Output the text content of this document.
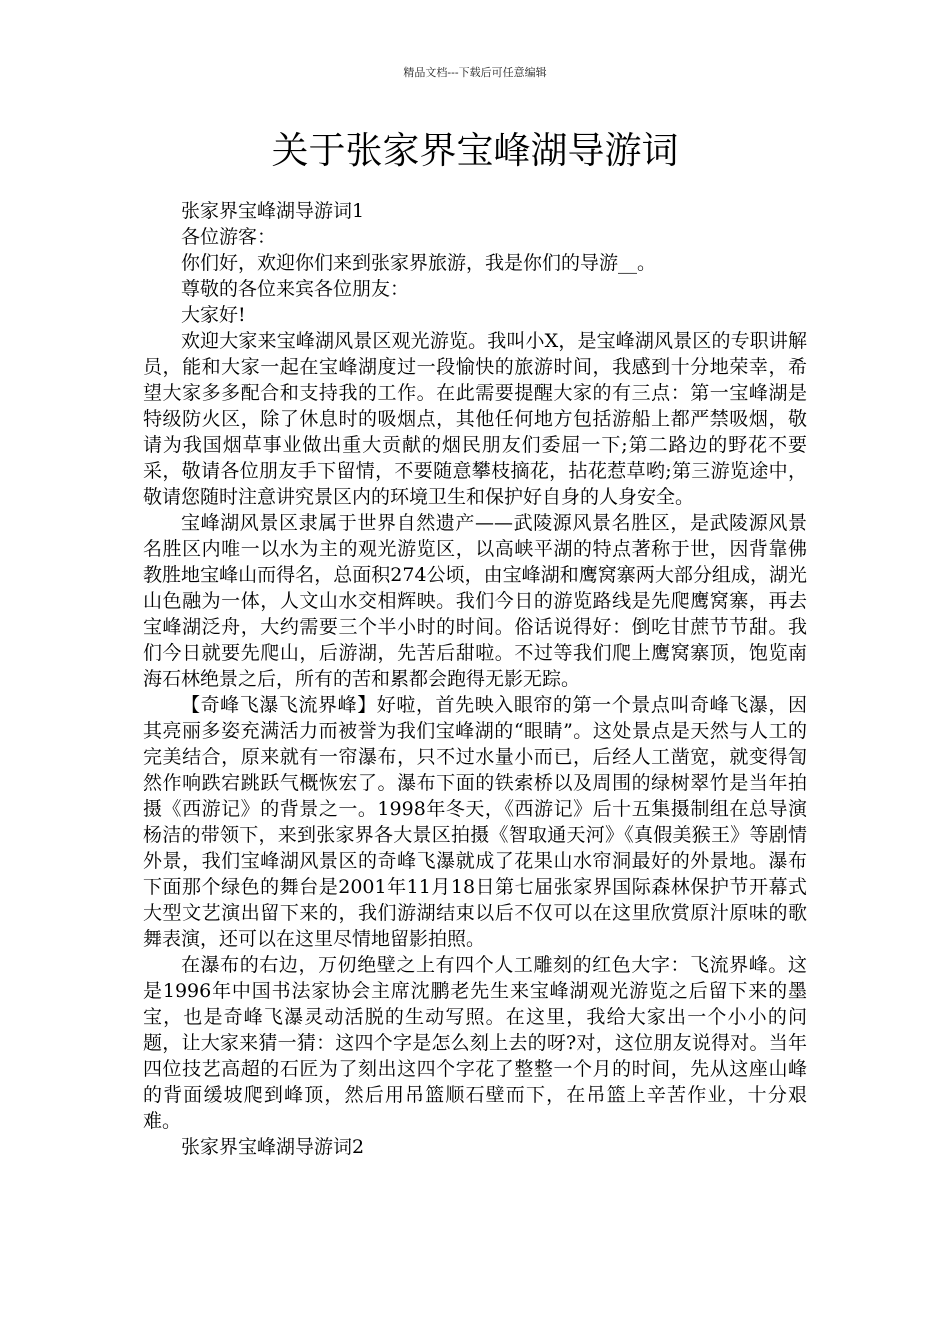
精品文档---下载后可任意编辑
关于张家界宝峰湖导游词

张家界宝峰湖导游词1

各位游客：

你们好，欢迎你们来到张家界旅游，我是你们的导游__。

尊敬的各位来宾各位朋友：

大家好!

欢迎大家来宝峰湖风景区观光游览。我叫小X，是宝峰湖风景区的专职讲解员，能和大家一起在宝峰湖度过一段愉快的旅游时间，我感到十分地荣幸，希望大家多多配合和支持我的工作。在此需要提醒大家的有三点：第一宝峰湖是特级防火区，除了休息时的吸烟点，其他任何地方包括游船上都严禁吸烟，敬请为我国烟草事业做出重大贡献的烟民朋友们委屈一下;第二路边的野花不要采，敬请各位朋友手下留情，不要随意攀枝摘花，拈花惹草哟;第三游览途中，敬请您随时注意讲究景区内的环境卫生和保护好自身的人身安全。

宝峰湖风景区隶属于世界自然遗产——武陵源风景名胜区，是武陵源风景名胜区内唯一以水为主的观光游览区，以高峡平湖的特点著称于世，因背靠佛教胜地宝峰山而得名，总面积274公顷，由宝峰湖和鹰窝寨两大部分组成，湖光山色融为一体，人文山水交相辉映。我们今日的游览路线是先爬鹰窝寨，再去宝峰湖泛舟，大约需要三个半小时的时间。俗话说得好：倒吃甘蔗节节甜。我们今日就要先爬山，后游湖，先苦后甜啦。不过等我们爬上鹰窝寨顶，饱览南海石林绝景之后，所有的苦和累都会跑得无影无踪。

【奇峰飞瀑飞流界峰】好啦，首先映入眼帘的第一个景点叫奇峰飞瀑，因其亮丽多姿充满活力而被誉为我们宝峰湖的“眼睛”。这处景点是天然与人工的完美结合，原来就有一帘瀑布，只不过水量小而已，后经人工凿宽，就变得訇然作响跌宕跳跃气概恢宏了。瀑布下面的铁索桥以及周围的绿树翠竹是当年拍摄《西游记》的背景之一。1998年冬天，《西游记》后十五集摄制组在总导演杨洁的带领下，来到张家界各大景区拍摄《智取通天河》《真假美猴王》等剧情外景，我们宝峰湖风景区的奇峰飞瀑就成了花果山水帘洞最好的外景地。瀑布下面那个绿色的舞台是2001年11月18日第七届张家界国际森林保护节开幕式大型文艺演出留下来的，我们游湖结束以后不仅可以在这里欣赏原汁原味的歌舞表演，还可以在这里尽情地留影拍照。

在瀑布的右边，万仞绝壁之上有四个人工雕刻的红色大字：飞流界峰。这是1996年中国书法家协会主席沈鹏老先生来宝峰湖观光游览之后留下来的墨宝，也是奇峰飞瀑灵动活脱的生动写照。在这里，我给大家出一个小小的问题，让大家来猜一猜：这四个字是怎么刻上去的呀?对，这位朋友说得对。当年四位技艺高超的石匠为了刻出这四个字花了整整一个月的时间，先从这座山峰的背面缓坡爬到峰顶，然后用吊篮顺石壁而下，在吊篮上辛苦作业，十分艰难。

张家界宝峰湖导游词2
